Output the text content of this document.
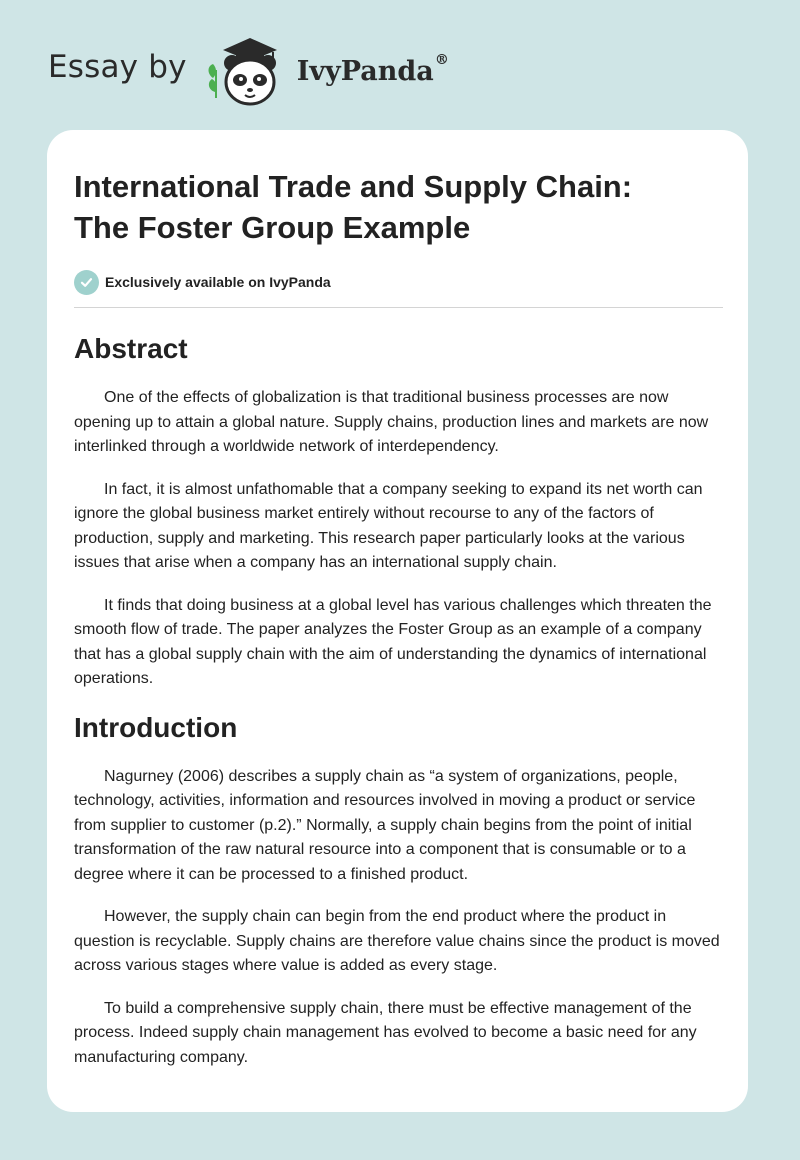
Essay by	IvyPanda®
International Trade and Supply Chain:
The Foster Group Example
Exclusively available on IvyPanda
Abstract

One of the effects of globalization is that traditional business processes are now opening up to attain a global nature. Supply chains, production lines and markets are now interlinked through a worldwide network of interdependency.

In fact, it is almost unfathomable that a company seeking to expand its net worth can ignore the global business market entirely without recourse to any of the factors of production, supply and marketing. This research paper particularly looks at the various issues that arise when a company has an international supply chain.

It finds that doing business at a global level has various challenges which threaten the smooth flow of trade. The paper analyzes the Foster Group as an example of a company that has a global supply chain with the aim of understanding the dynamics of international operations.

Introduction

Nagurney (2006) describes a supply chain as “a system of organizations, people, technology, activities, information and resources involved in moving a product or service from supplier to customer (p.2).” Normally, a supply chain begins from the point of initial transformation of the raw natural resource into a component that is consumable or to a degree where it can be processed to a finished product.

However, the supply chain can begin from the end product where the product in question is recyclable. Supply chains are therefore value chains since the product is moved across various stages where value is added as every stage.

To build a comprehensive supply chain, there must be effective management of the process. Indeed supply chain management has evolved to become a basic need for any manufacturing company.
